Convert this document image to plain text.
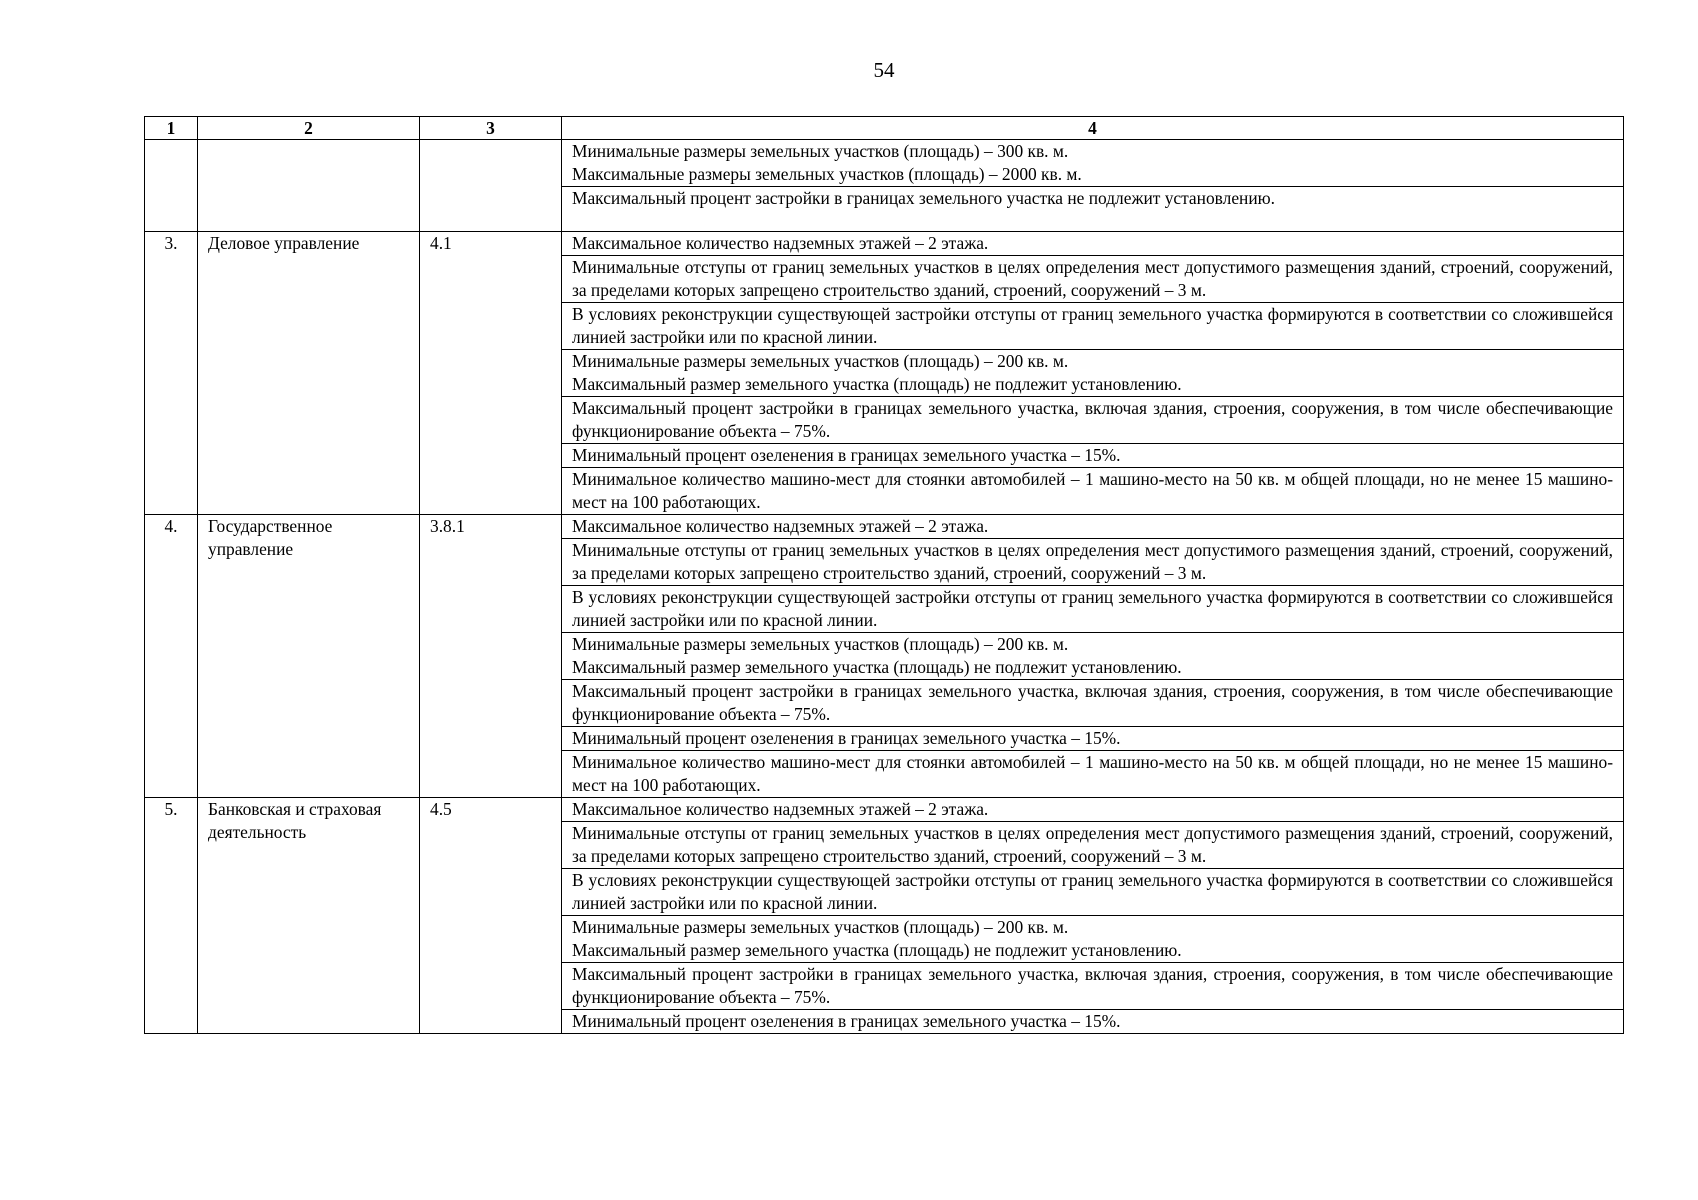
54
1	2	3	4

			Минимальные размеры земельных участков (площадь) – 300 кв. м.
Максимальные размеры земельных участков (площадь) – 2000 кв. м.

			Максимальный процент застройки в границах земельного участка не подлежит установлению.

3.	Деловое управление	4.1	Максимальное количество надземных этажей – 2 этажа.

			Минимальные отступы от границ земельных участков в целях определения мест допустимого размещения зданий, строений, сооружений, за пределами которых запрещено строительство зданий, строений, сооружений – 3 м.

			В условиях реконструкции существующей застройки отступы от границ земельного участка формируются в соответствии со сложившейся линией застройки или по красной линии.

			Минимальные размеры земельных участков (площадь) – 200 кв. м.
Максимальный размер земельного участка (площадь) не подлежит установлению.

			Максимальный процент застройки в границах земельного участка, включая здания, строения, сооружения, в том числе обеспечивающие функционирование объекта – 75%.

			Минимальный процент озеленения в границах земельного участка – 15%.

			Минимальное количество машино-мест для стоянки автомобилей – 1 машино-место на 50 кв. м общей площади, но не менее 15 машино-мест на 100 работающих.

4.	Государственное управление	3.8.1	Максимальное количество надземных этажей – 2 этажа.

			Минимальные отступы от границ земельных участков в целях определения мест допустимого размещения зданий, строений, сооружений, за пределами которых запрещено строительство зданий, строений, сооружений – 3 м.

			В условиях реконструкции существующей застройки отступы от границ земельного участка формируются в соответствии со сложившейся линией застройки или по красной линии.

			Минимальные размеры земельных участков (площадь) – 200 кв. м.
Максимальный размер земельного участка (площадь) не подлежит установлению.

			Максимальный процент застройки в границах земельного участка, включая здания, строения, сооружения, в том числе обеспечивающие функционирование объекта – 75%.

			Минимальный процент озеленения в границах земельного участка – 15%.

			Минимальное количество машино-мест для стоянки автомобилей – 1 машино-место на 50 кв. м общей площади, но не менее 15 машино-мест на 100 работающих.

5.	Банковская и страховая деятельность	4.5	Максимальное количество надземных этажей – 2 этажа.

			Минимальные отступы от границ земельных участков в целях определения мест допустимого размещения зданий, строений, сооружений, за пределами которых запрещено строительство зданий, строений, сооружений – 3 м.

			В условиях реконструкции существующей застройки отступы от границ земельного участка формируются в соответствии со сложившейся линией застройки или по красной линии.

			Минимальные размеры земельных участков (площадь) – 200 кв. м.
Максимальный размер земельного участка (площадь) не подлежит установлению.

			Максимальный процент застройки в границах земельного участка, включая здания, строения, сооружения, в том числе обеспечивающие функционирование объекта – 75%.

			Минимальный процент озеленения в границах земельного участка – 15%.
